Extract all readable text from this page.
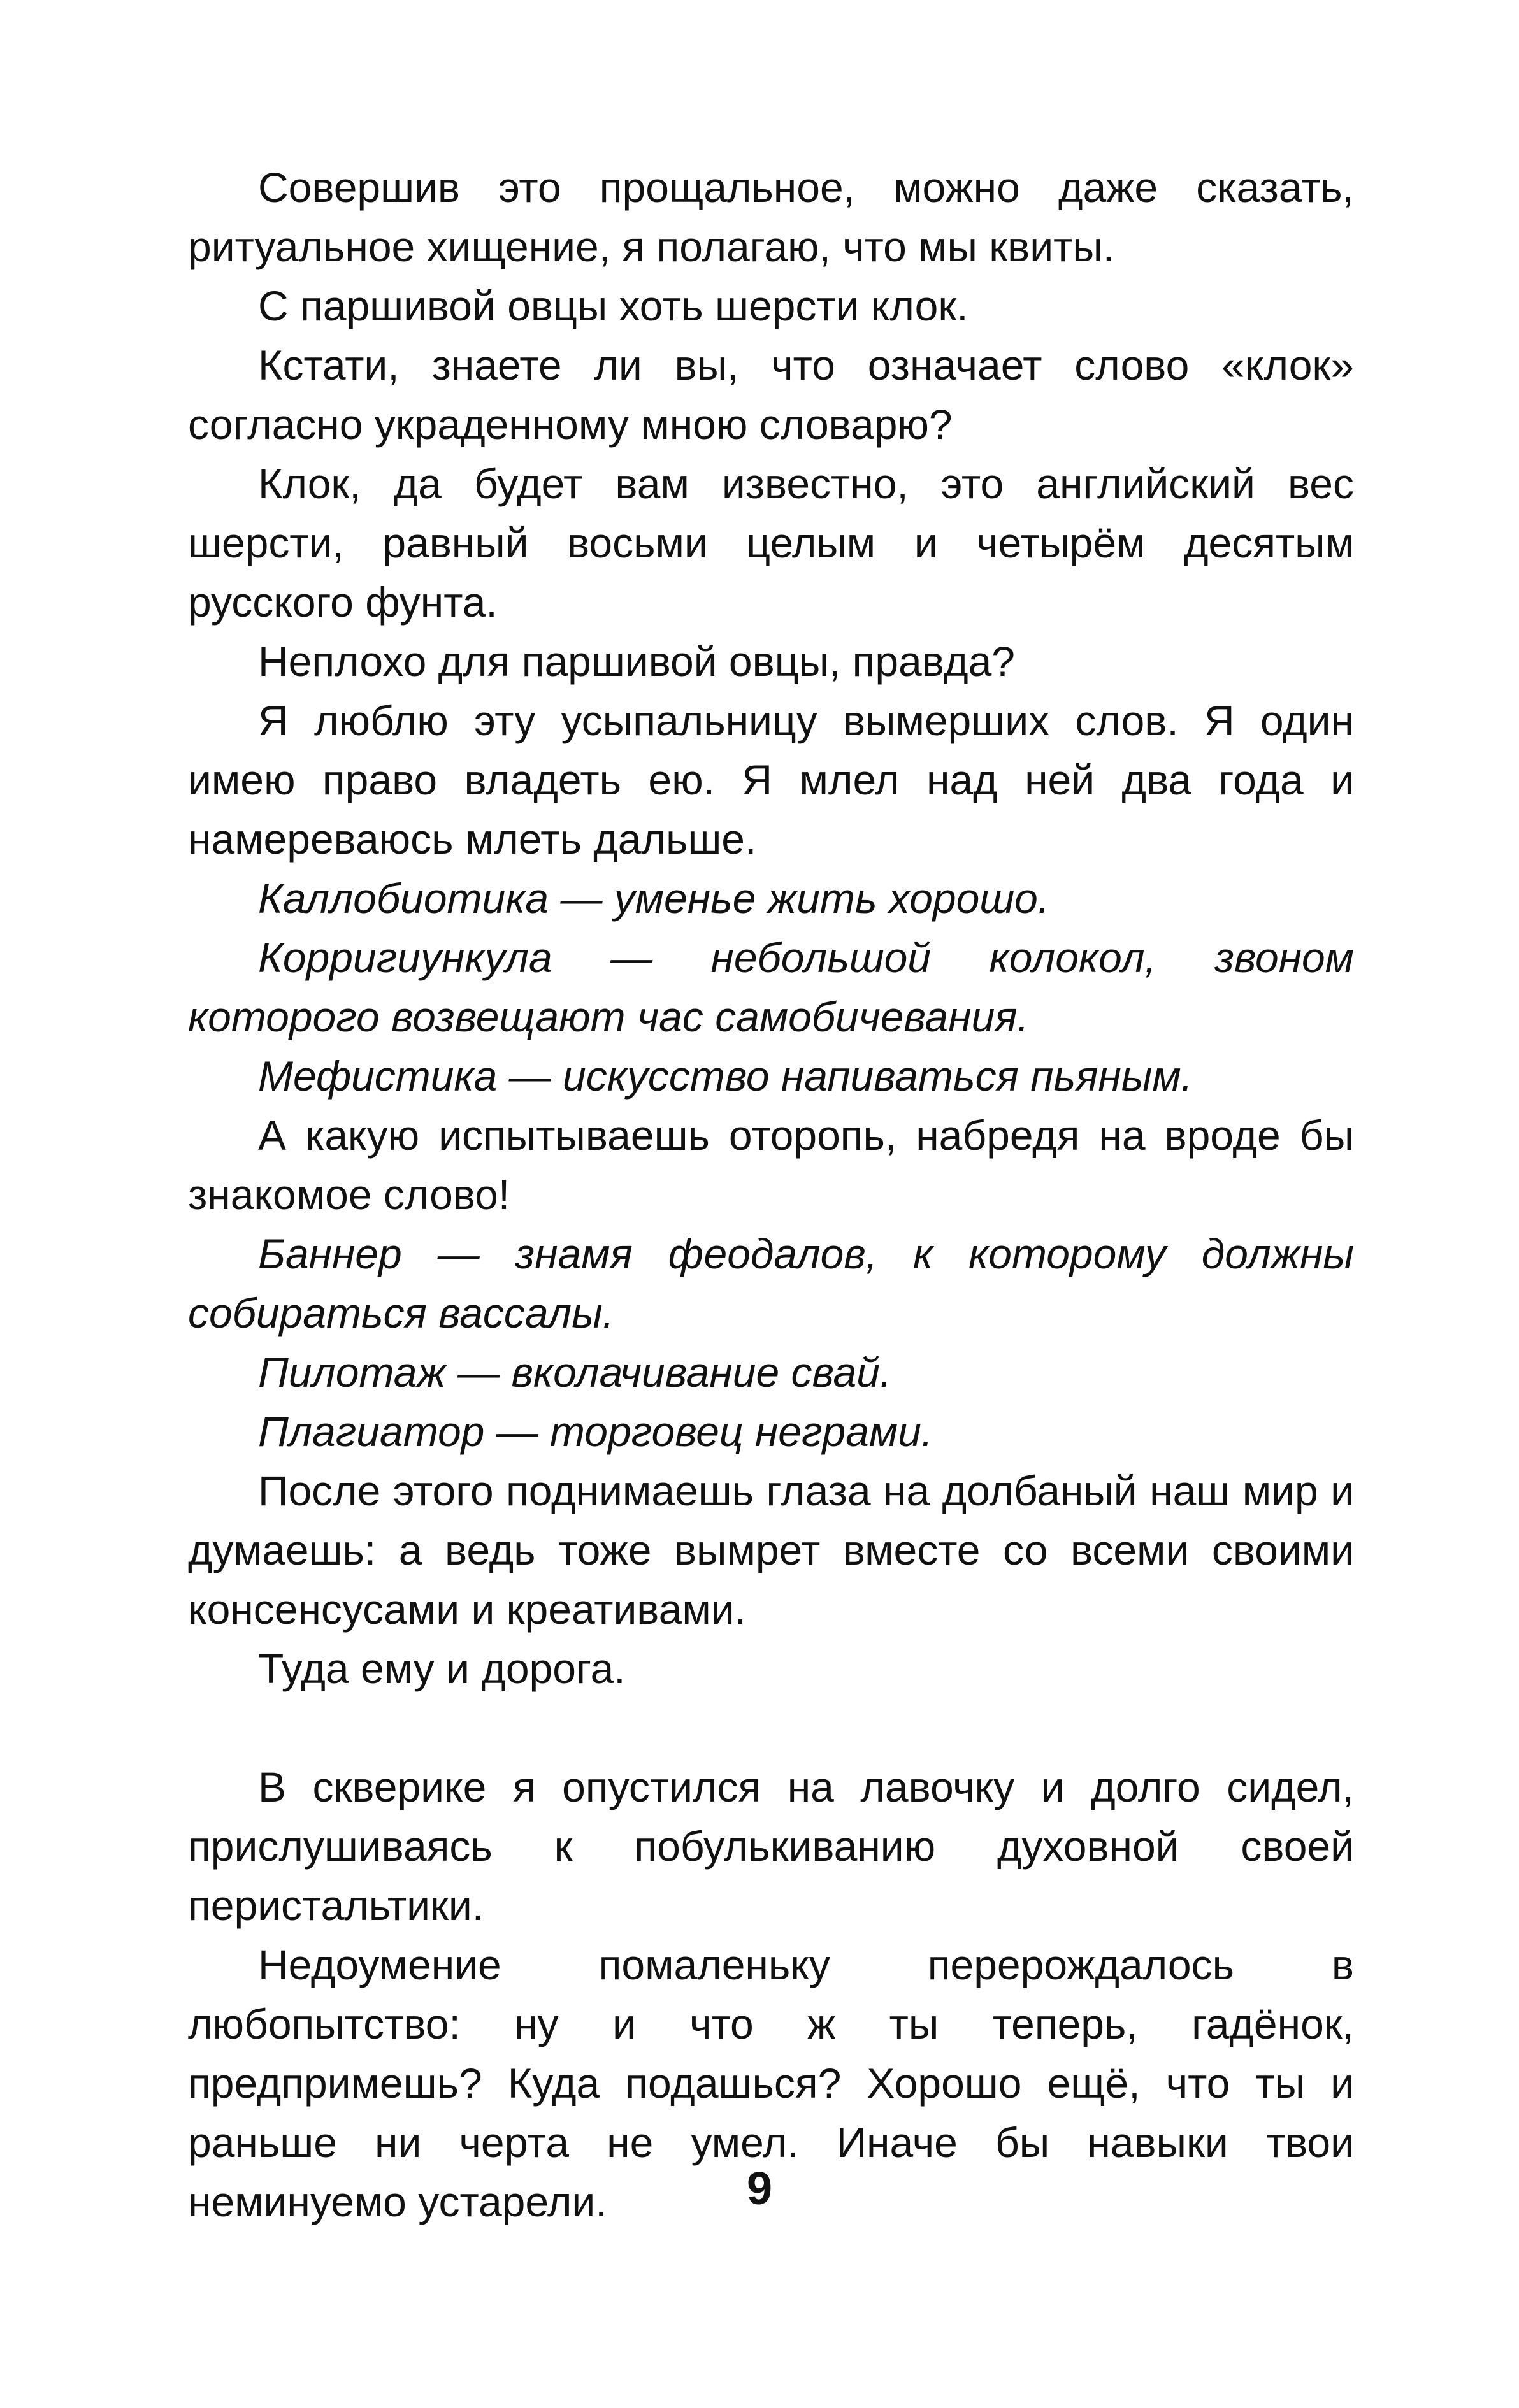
Совершив это прощальное, можно даже сказать, ритуальное хищение, я полагаю, что мы квиты.

С паршивой овцы хоть шерсти клок.

Кстати, знаете ли вы, что означает слово «клок» согласно украденному мною словарю?

Клок, да будет вам известно, это английский вес шерсти, равный восьми целым и четырём десятым русского фунта.

Неплохо для паршивой овцы, правда?

Я люблю эту усыпальницу вымерших слов. Я один имею право владеть ею. Я млел над ней два года и намереваюсь млеть дальше.

Каллобиотика — уменье жить хорошо.

Корригиункула — небольшой колокол, звоном которого возвещают час самобичевания.

Мефистика — искусство напиваться пьяным.

А какую испытываешь оторопь, набредя на вроде бы знакомое слово!

Баннер — знамя феодалов, к которому должны собираться вассалы.

Пилотаж — вколачивание свай.

Плагиатор — торговец неграми.

После этого поднимаешь глаза на долбаный наш мир и думаешь: а ведь тоже вымрет вместе со всеми своими консенсусами и креативами.

Туда ему и дорога.

В скверике я опустился на лавочку и долго сидел, прислушиваясь к побулькиванию духовной своей перистальтики.

Недоумение помаленьку перерождалось в любопытство: ну и что ж ты теперь, гадёнок, предпримешь? Куда подашься? Хорошо ещё, что ты и раньше ни черта не умел. Иначе бы навыки твои неминуемо устарели.	9
